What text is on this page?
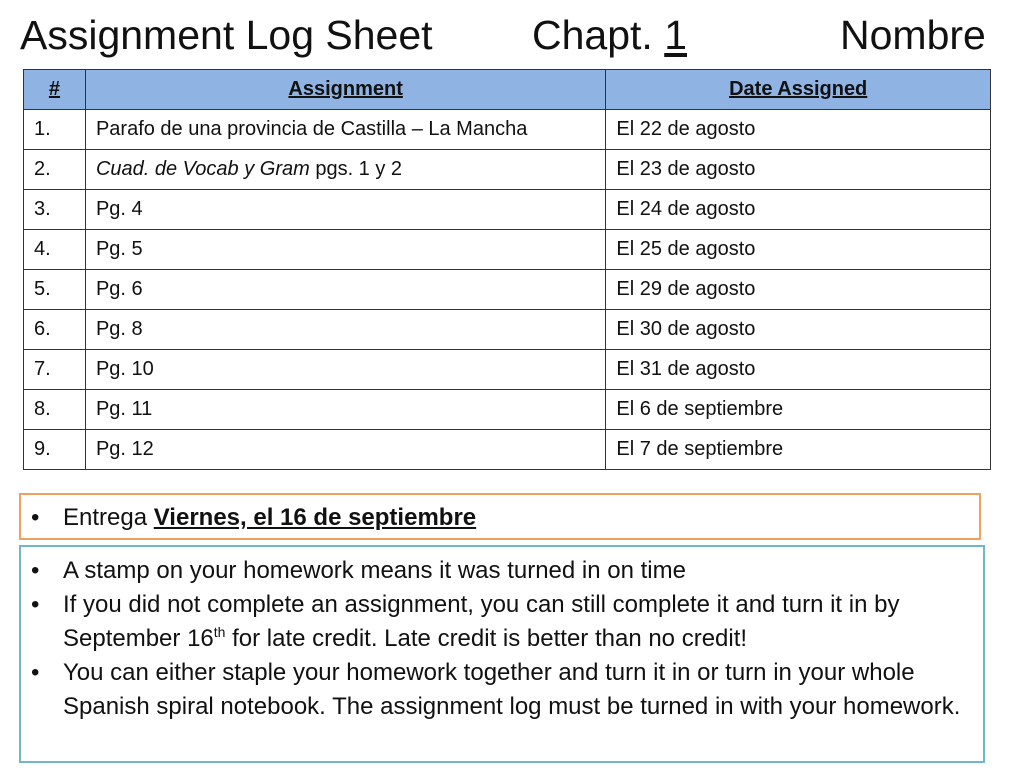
Assignment Log Sheet Chapt. 1	Nombre
#	Assignment	Date Assigned
1.	Parafo de una provincia de Castilla – La Mancha	El 22 de agosto
2.	Cuad. de Vocab y Gram pgs. 1 y 2	El 23 de agosto
3.	Pg. 4	El 24 de agosto
4.	Pg. 5	El 25 de agosto
5.	Pg. 6	El 29 de agosto
6.	Pg. 8	El 30 de agosto
7.	Pg. 10	El 31 de agosto
8.	Pg. 11	El 6 de septiembre
9.	Pg. 12	El 7 de septiembre
• Entrega Viernes, el 16 de septiembre
• A stamp on your homework means it was turned in on time
• If you did not complete an assignment, you can still complete it and turn it in by September 16th for late credit. Late credit is better than no credit!
• You can either staple your homework together and turn it in or turn in your whole Spanish spiral notebook. The assignment log must be turned in with your homework.
